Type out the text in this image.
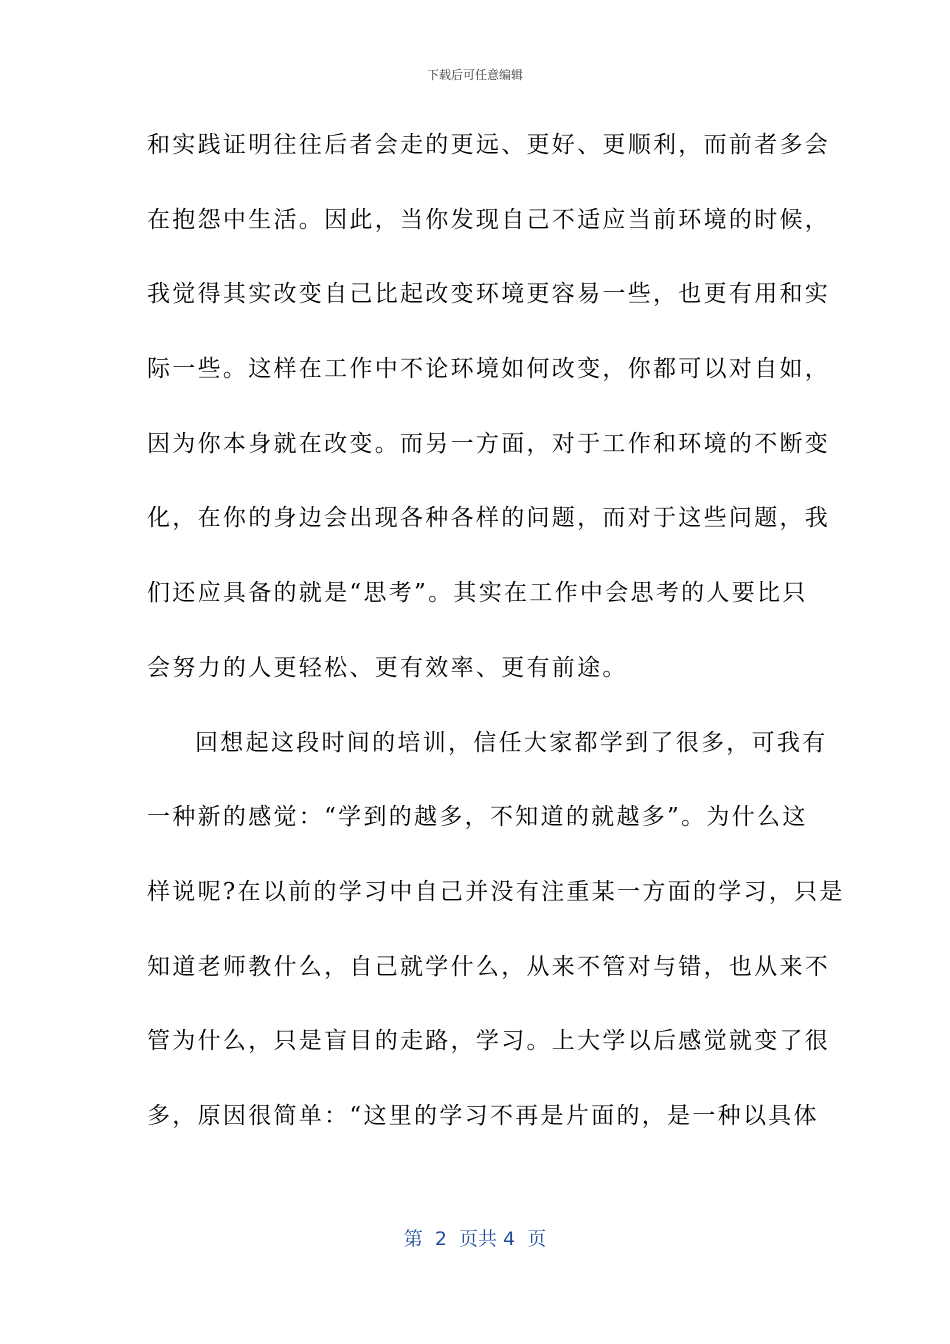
下载后可任意编辑
和实践证明往往后者会走的更远、更好、更顺利，而前者多会
在抱怨中生活。因此，当你发现自己不适应当前环境的时候，
我觉得其实改变自己比起改变环境更容易一些，也更有用和实
际一些。这样在工作中不论环境如何改变，你都可以对自如，
因为你本身就在改变。而另一方面，对于工作和环境的不断变
化，在你的身边会出现各种各样的问题，而对于这些问题，我
们还应具备的就是“思考”。其实在工作中会思考的人要比只
会努力的人更轻松、更有效率、更有前途。
回想起这段时间的培训，信任大家都学到了很多，可我有
一种新的感觉：“学到的越多，不知道的就越多”。为什么这
样说呢?在以前的学习中自己并没有注重某一方面的学习，只是
知道老师教什么，自己就学什么，从来不管对与错，也从来不
管为什么，只是盲目的走路，学习。上大学以后感觉就变了很
多，原因很简单：“这里的学习不再是片面的，是一种以具体
第  2  页共 4  页
